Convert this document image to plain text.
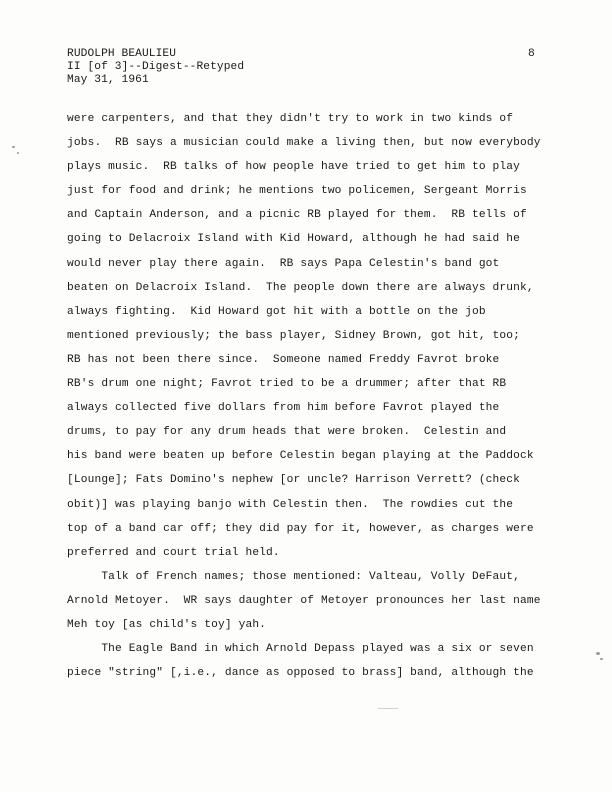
RUDOLPH BEAULIEU
II [of 3]--Digest--Retyped
May 31, 1961
8
were carpenters, and that they didn't try to work in two kinds of
jobs.  RB says a musician could make a living then, but now everybody
plays music.  RB talks of how people have tried to get him to play
just for food and drink; he mentions two policemen, Sergeant Morris
and Captain Anderson, and a picnic RB played for them.  RB tells of
going to Delacroix Island with Kid Howard, although he had said he
would never play there again.  RB says Papa Celestin's band got
beaten on Delacroix Island.  The people down there are always drunk,
always fighting.  Kid Howard got hit with a bottle on the job
mentioned previously; the bass player, Sidney Brown, got hit, too;
RB has not been there since.  Someone named Freddy Favrot broke
RB's drum one night; Favrot tried to be a drummer; after that RB
always collected five dollars from him before Favrot played the
drums, to pay for any drum heads that were broken.  Celestin and
his band were beaten up before Celestin began playing at the Paddock
[Lounge]; Fats Domino's nephew [or uncle? Harrison Verrett? (check
obit)] was playing banjo with Celestin then.  The rowdies cut the
top of a band car off; they did pay for it, however, as charges were
preferred and court trial held.
Talk of French names; those mentioned: Valteau, Volly DeFaut,
Arnold Metoyer.  WR says daughter of Metoyer pronounces her last name
Meh toy [as child's toy] yah.
The Eagle Band in which Arnold Depass played was a six or seven
piece "string" [,i.e., dance as opposed to brass] band, although the
